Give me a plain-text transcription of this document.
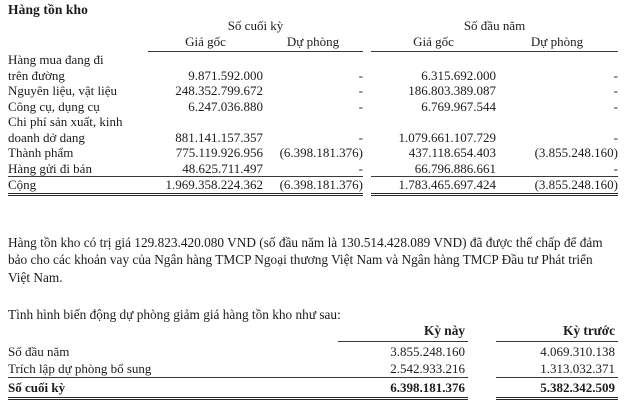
Hàng tồn kho
	Số cuối kỳ			Số đầu năm	

	Giá gốc	Dự phòng		Giá gốc	Dự phòng

Hàng mua đang đi
trên đường	9.871.592.000	-		6.315.692.000	-

Nguyên liệu, vật liệu	248.352.799.672	-		186.803.389.087	-
Công cụ, dụng cụ	6.247.036.880	-		6.769.967.544	-
Chi phí sản xuất, kinh
doanh dở dang	881.141.157.357	-		1.079.661.107.729	-

Thành phẩm	775.119.926.956	(6.398.181.376)		437.118.654.403	(3.855.248.160)
Hàng gửi đi bán	48.625.711.497	-		66.796.886.661	-
Cộng	1.969.358.224.362	(6.398.181.376)		1.783.465.697.424	(3.855.248.160)
Hàng tồn kho có trị giá 129.823.420.080 VND (số đầu năm là 130.514.428.089 VND) đã được thế chấp để đảm bảo cho các khoản vay của Ngân hàng TMCP Ngoại thương Việt Nam và Ngân hàng TMCP Đầu tư Phát triển Việt Nam.
Tình hình biến động dự phòng giảm giá hàng tồn kho như sau:

	Kỳ này		Kỳ trước

Số đầu năm	3.855.248.160		4.069.310.138
Trích lập dự phòng bổ sung	2.542.933.216		1.313.032.371
Số cuối kỳ	6.398.181.376		5.382.342.509
